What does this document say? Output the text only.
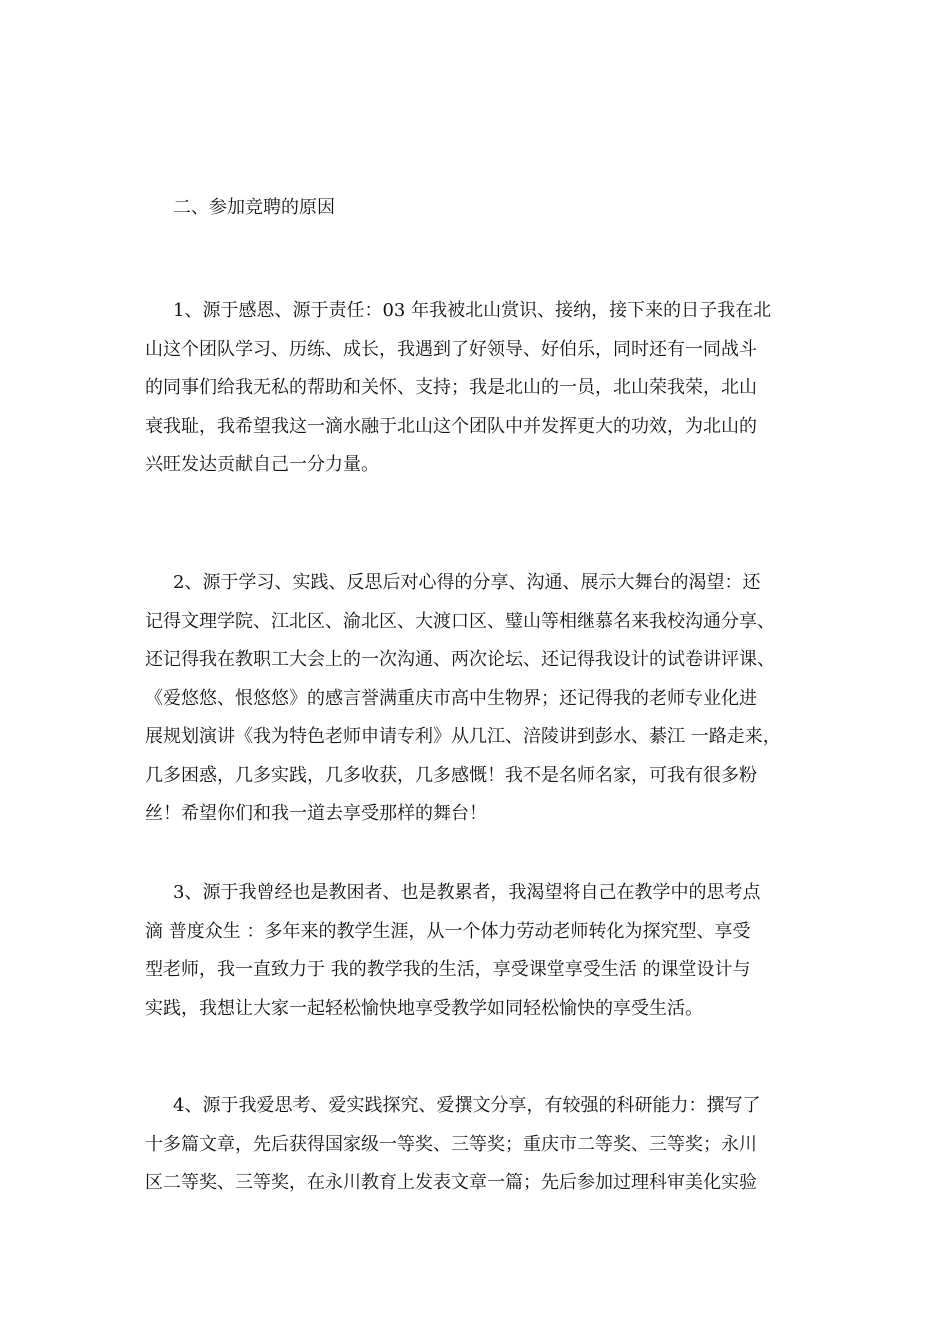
二、参加竞聘的原因
1、源于感恩、源于责任：03 年我被北山赏识、接纳，接下来的日子我在北
山这个团队学习、历练、成长，我遇到了好领导、好伯乐，同时还有一同战斗
的同事们给我无私的帮助和关怀、支持；我是北山的一员，北山荣我荣，北山
衰我耻，我希望我这一滴水融于北山这个团队中并发挥更大的功效，为北山的
兴旺发达贡献自己一分力量。
2、源于学习、实践、反思后对心得的分享、沟通、展示大舞台的渴望：还
记得文理学院、江北区、渝北区、大渡口区、璧山等相继慕名来我校沟通分享、
还记得我在教职工大会上的一次沟通、两次论坛、还记得我设计的试卷讲评课、
《爱悠悠、恨悠悠》的感言誉满重庆市高中生物界；还记得我的老师专业化进
展规划演讲《我为特色老师申请专利》从几江、涪陵讲到彭水、綦江 一路走来，
几多困惑，几多实践，几多收获，几多感慨！我不是名师名家，可我有很多粉
丝！希望你们和我一道去享受那样的舞台！
3、源于我曾经也是教困者、也是教累者，我渴望将自己在教学中的思考点
滴 普度众生 ：多年来的教学生涯，从一个体力劳动老师转化为探究型、享受
型老师，我一直致力于 我的教学我的生活，享受课堂享受生活 的课堂设计与
实践，我想让大家一起轻松愉快地享受教学如同轻松愉快的享受生活。
4、源于我爱思考、爱实践探究、爱撰文分享，有较强的科研能力：撰写了
十多篇文章，先后获得国家级一等奖、三等奖；重庆市二等奖、三等奖；永川
区二等奖、三等奖，在永川教育上发表文章一篇；先后参加过理科审美化实验
